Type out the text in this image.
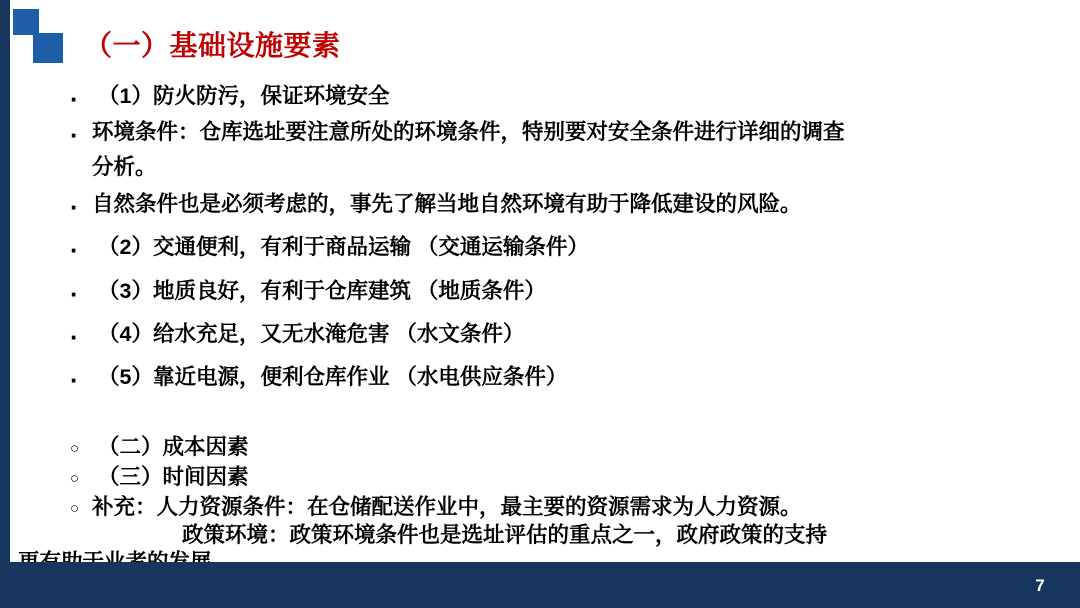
（一）基础设施要素
·
（1）防火防污，保证环境安全
·
环境条件：仓库选址要注意所处的环境条件，特别要对安全条件进行详细的调查
分析。
·
自然条件也是必须考虑的，事先了解当地自然环境有助于降低建设的风险。
·
（2）交通便利，有利于商品运输 （交通运输条件）
·
（3）地质良好，有利于仓库建筑 （地质条件）
·
（4）给水充足，又无水淹危害 （水文条件）
·
（5）靠近电源，便利仓库作业 （水电供应条件）
○
（二）成本因素
○
（三）时间因素
○
补充：人力资源条件：在仓储配送作业中，最主要的资源需求为人力资源。
政策环境：政策环境条件也是选址评估的重点之一，政府政策的支持
7
